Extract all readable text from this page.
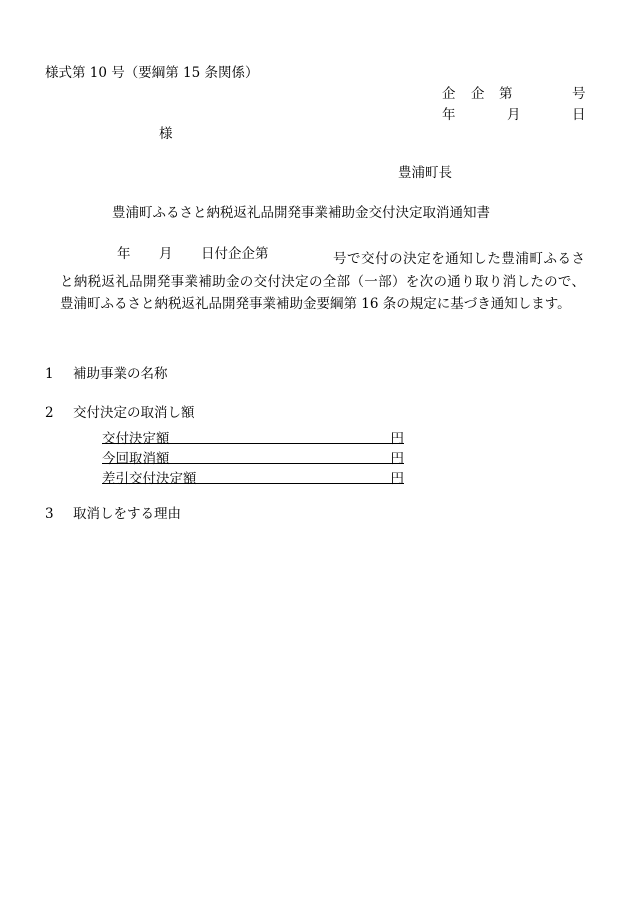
様式第 10 号（要綱第 15 条関係）
企 企 第	号
年	月	日
様
豊浦町長
豊浦町ふるさと納税返礼品開発事業補助金交付決定取消通知書
年 月 日付企企第	号で交付の決定を通知した豊浦町ふるさと納税返礼品開発事業補助金の交付決定の全部（一部）を次の通り取り消したので、豊浦町ふるさと納税返礼品開発事業補助金要綱第 16 条の規定に基づき通知します。
1 補助事業の名称
2 交付決定の取消し額
交付決定額	円
今回取消額	円
差引交付決定額	円
3 取消しをする理由
